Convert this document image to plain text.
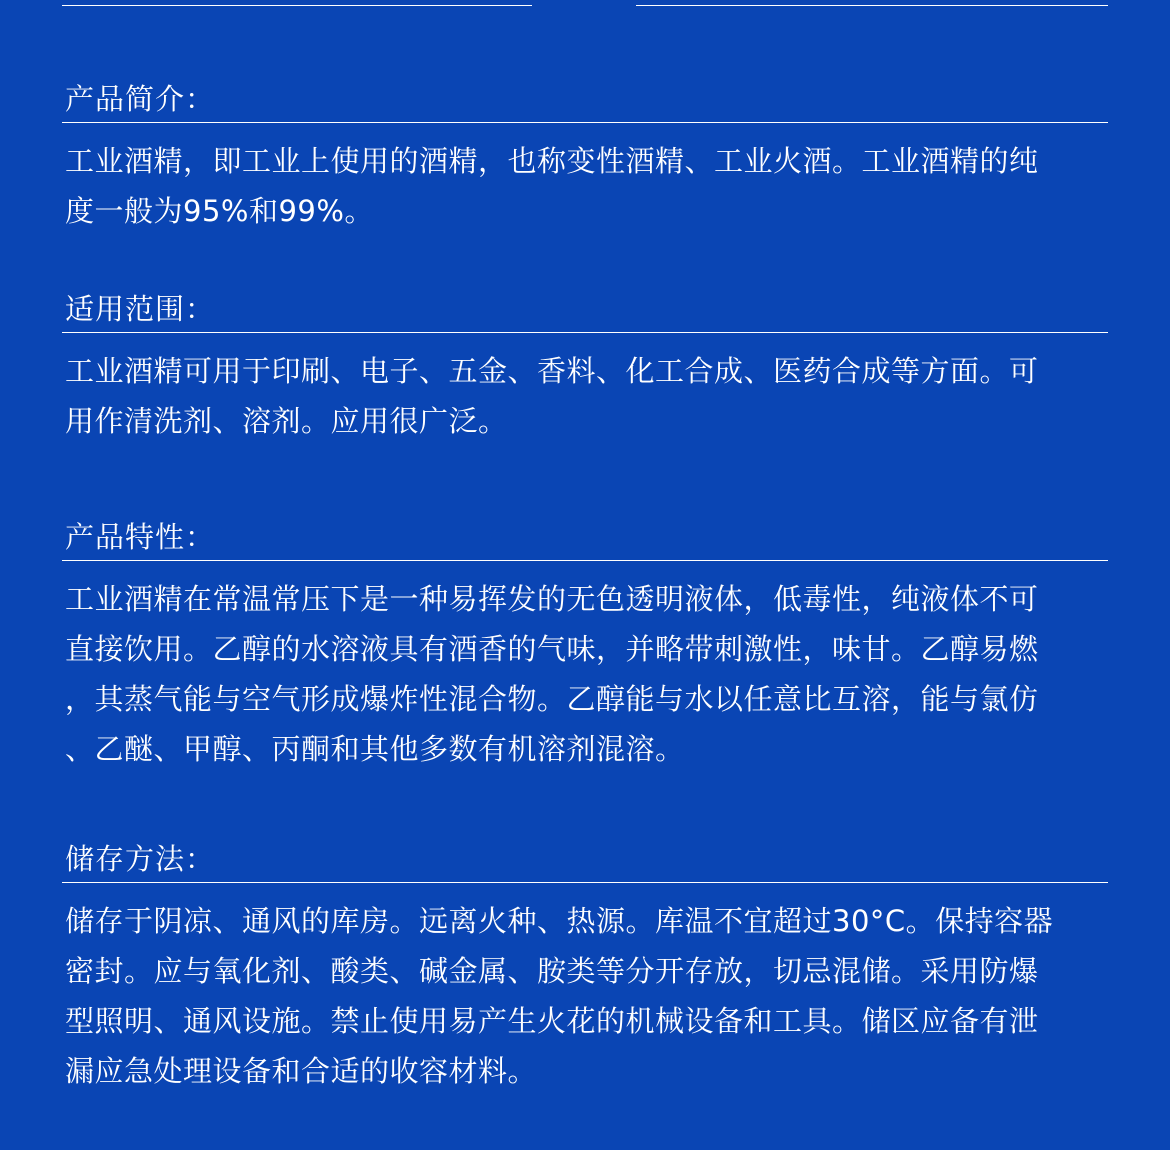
产品简介：
工业酒精，即工业上使用的酒精，也称变性酒精、工业火酒。工业酒精的纯
度一般为95%和99%。
适用范围：
工业酒精可用于印刷、电子、五金、香料、化工合成、医药合成等方面。可
用作清洗剂、溶剂。应用很广泛。
产品特性：
工业酒精在常温常压下是一种易挥发的无色透明液体，低毒性，纯液体不可
直接饮用。乙醇的水溶液具有酒香的气味，并略带刺激性，味甘。乙醇易燃
，其蒸气能与空气形成爆炸性混合物。乙醇能与水以任意比互溶，能与氯仿
、乙醚、甲醇、丙酮和其他多数有机溶剂混溶。
储存方法：
储存于阴凉、通风的库房。远离火种、热源。库温不宜超过30°C。保持容器
密封。应与氧化剂、酸类、碱金属、胺类等分开存放，切忌混储。采用防爆
型照明、通风设施。禁止使用易产生火花的机械设备和工具。储区应备有泄
漏应急处理设备和合适的收容材料。
